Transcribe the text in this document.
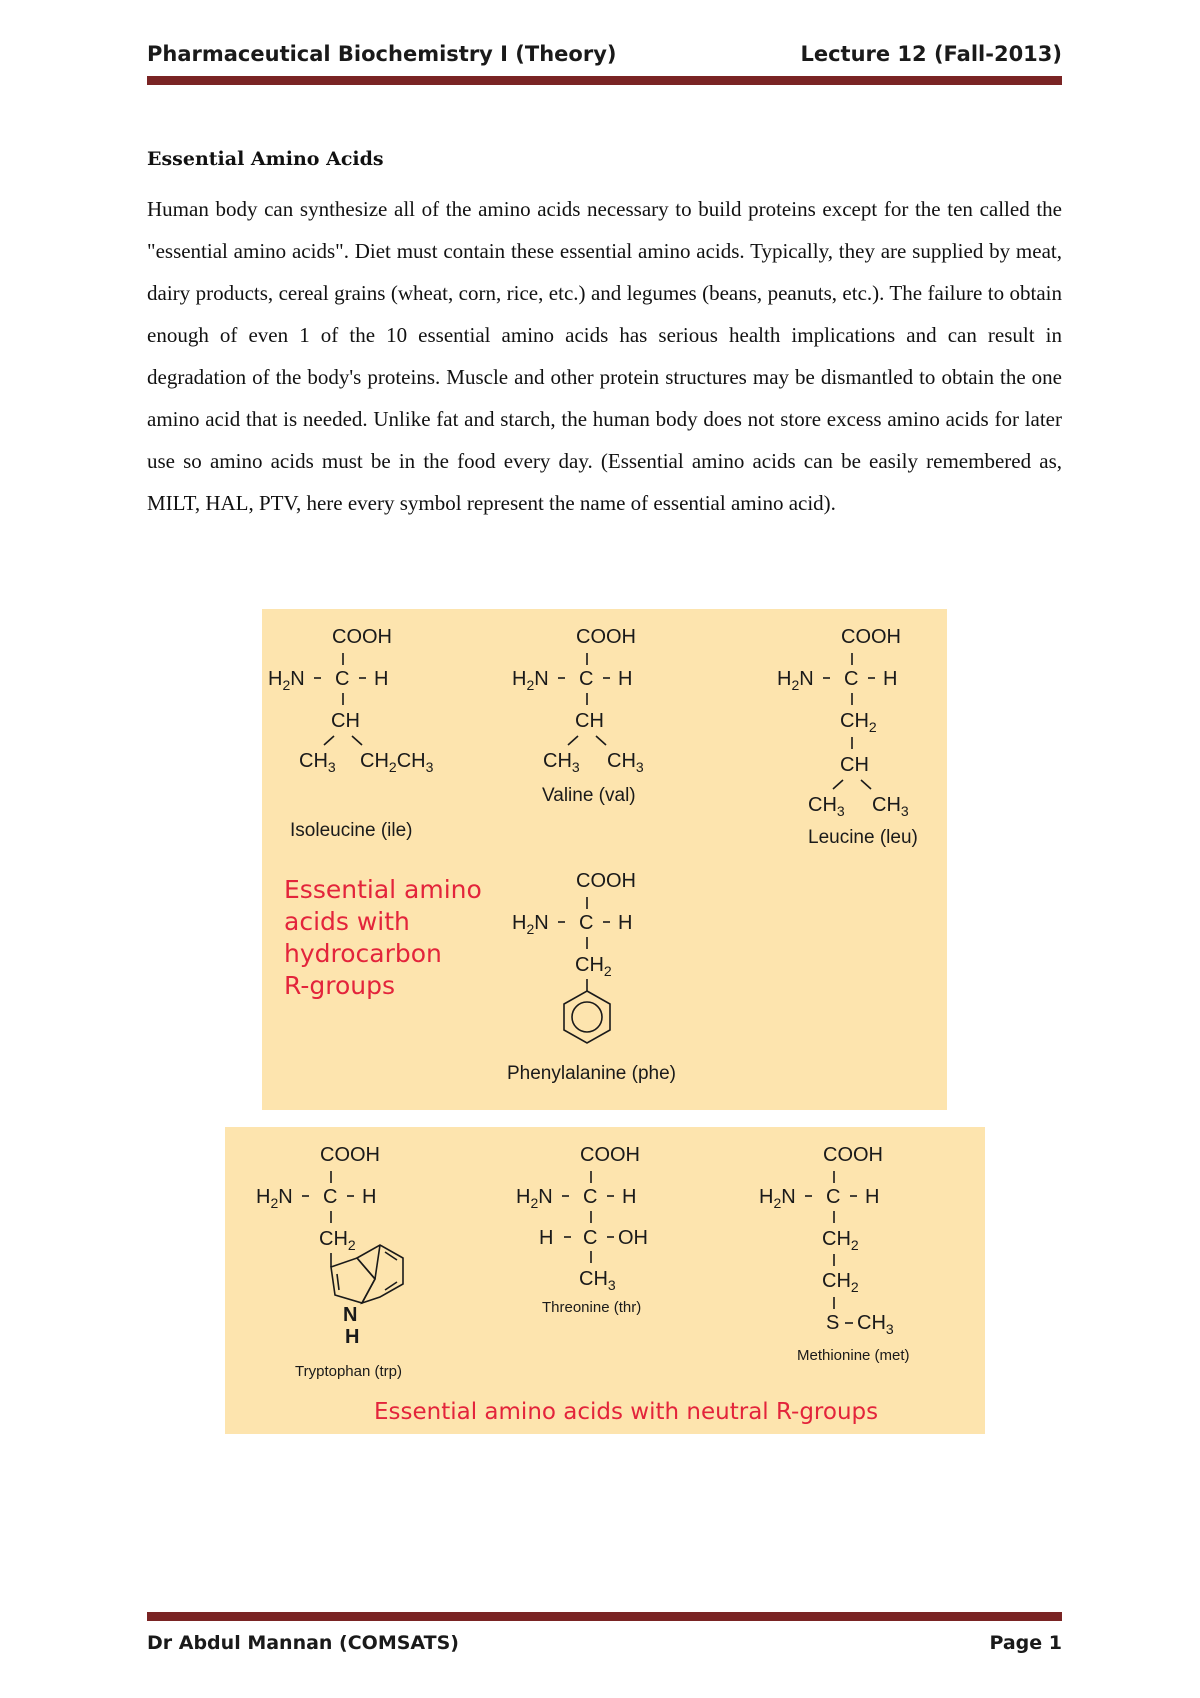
Pharmaceutical Biochemistry I (Theory)	Lecture 12 (Fall-2013)
Essential Amino Acids
Human body can synthesize all of the amino acids necessary to build proteins except for the ten called the "essential amino acids". Diet must contain these essential amino acids. Typically, they are supplied by meat, dairy products, cereal grains (wheat, corn, rice, etc.) and legumes (beans, peanuts, etc.). The failure to obtain enough of even 1 of the 10 essential amino acids has serious health implications and can result in degradation of the body's proteins. Muscle and other protein structures may be dismantled to obtain the one amino acid that is needed. Unlike fat and starch, the human body does not store excess amino acids for later use so amino acids must be in the food every day. (Essential amino acids can be easily remembered as, MILT, HAL, PTV, here every symbol represent the name of essential amino acid).
COOH
$H_2N$ C H
CH
$CH_3$ $CH_2CH_3$
Isoleucine (ile)
COOH
$H_2N$ C H
CH
$CH_3$ $CH_3$
Valine (val)
COOH
$H_2N$ C H
$CH_2$
CH
$CH_3$ $CH_3$
Leucine (leu)
Essential amino
acids with
hydrocarbon
R-groups
COOH
$H_2N$ C H
$CH_2$
Phenylalanine (phe)
COOH
$H_2N$ C H
$CH_2$
N
H
Tryptophan (trp)
COOH
$H_2N$ C H
H C OH
$CH_3$
Threonine (thr)
COOH
$H_2N$ C H
$CH_2$
$CH_2$
S $CH_3$
Methionine (met)
Essential amino acids with neutral R-groups
Dr Abdul Mannan (COMSATS)	Page 1
